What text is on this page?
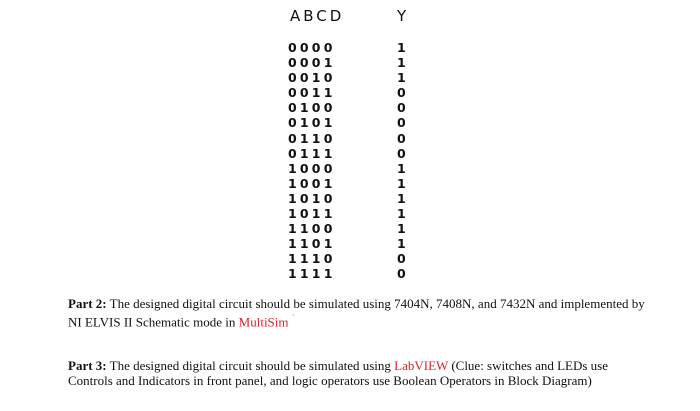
ABCD	Y
0000	1
0001	1
0010	1
0011	0
0100	0
0101	0
0110	0
0111	0
1000	1
1001	1
1010	1
1011	1
1100	1
1101	1
1110	0
1111	0

Part 2: The designed digital circuit should be simulated using 7404N, 7408N, and 7432N and implemented by NI ELVIS II Schematic mode in MultiSim ´

Part 3: The designed digital circuit should be simulated using LabVIEW (Clue: switches and LEDs use Controls and Indicators in front panel, and logic operators use Boolean Operators in Block Diagram)
